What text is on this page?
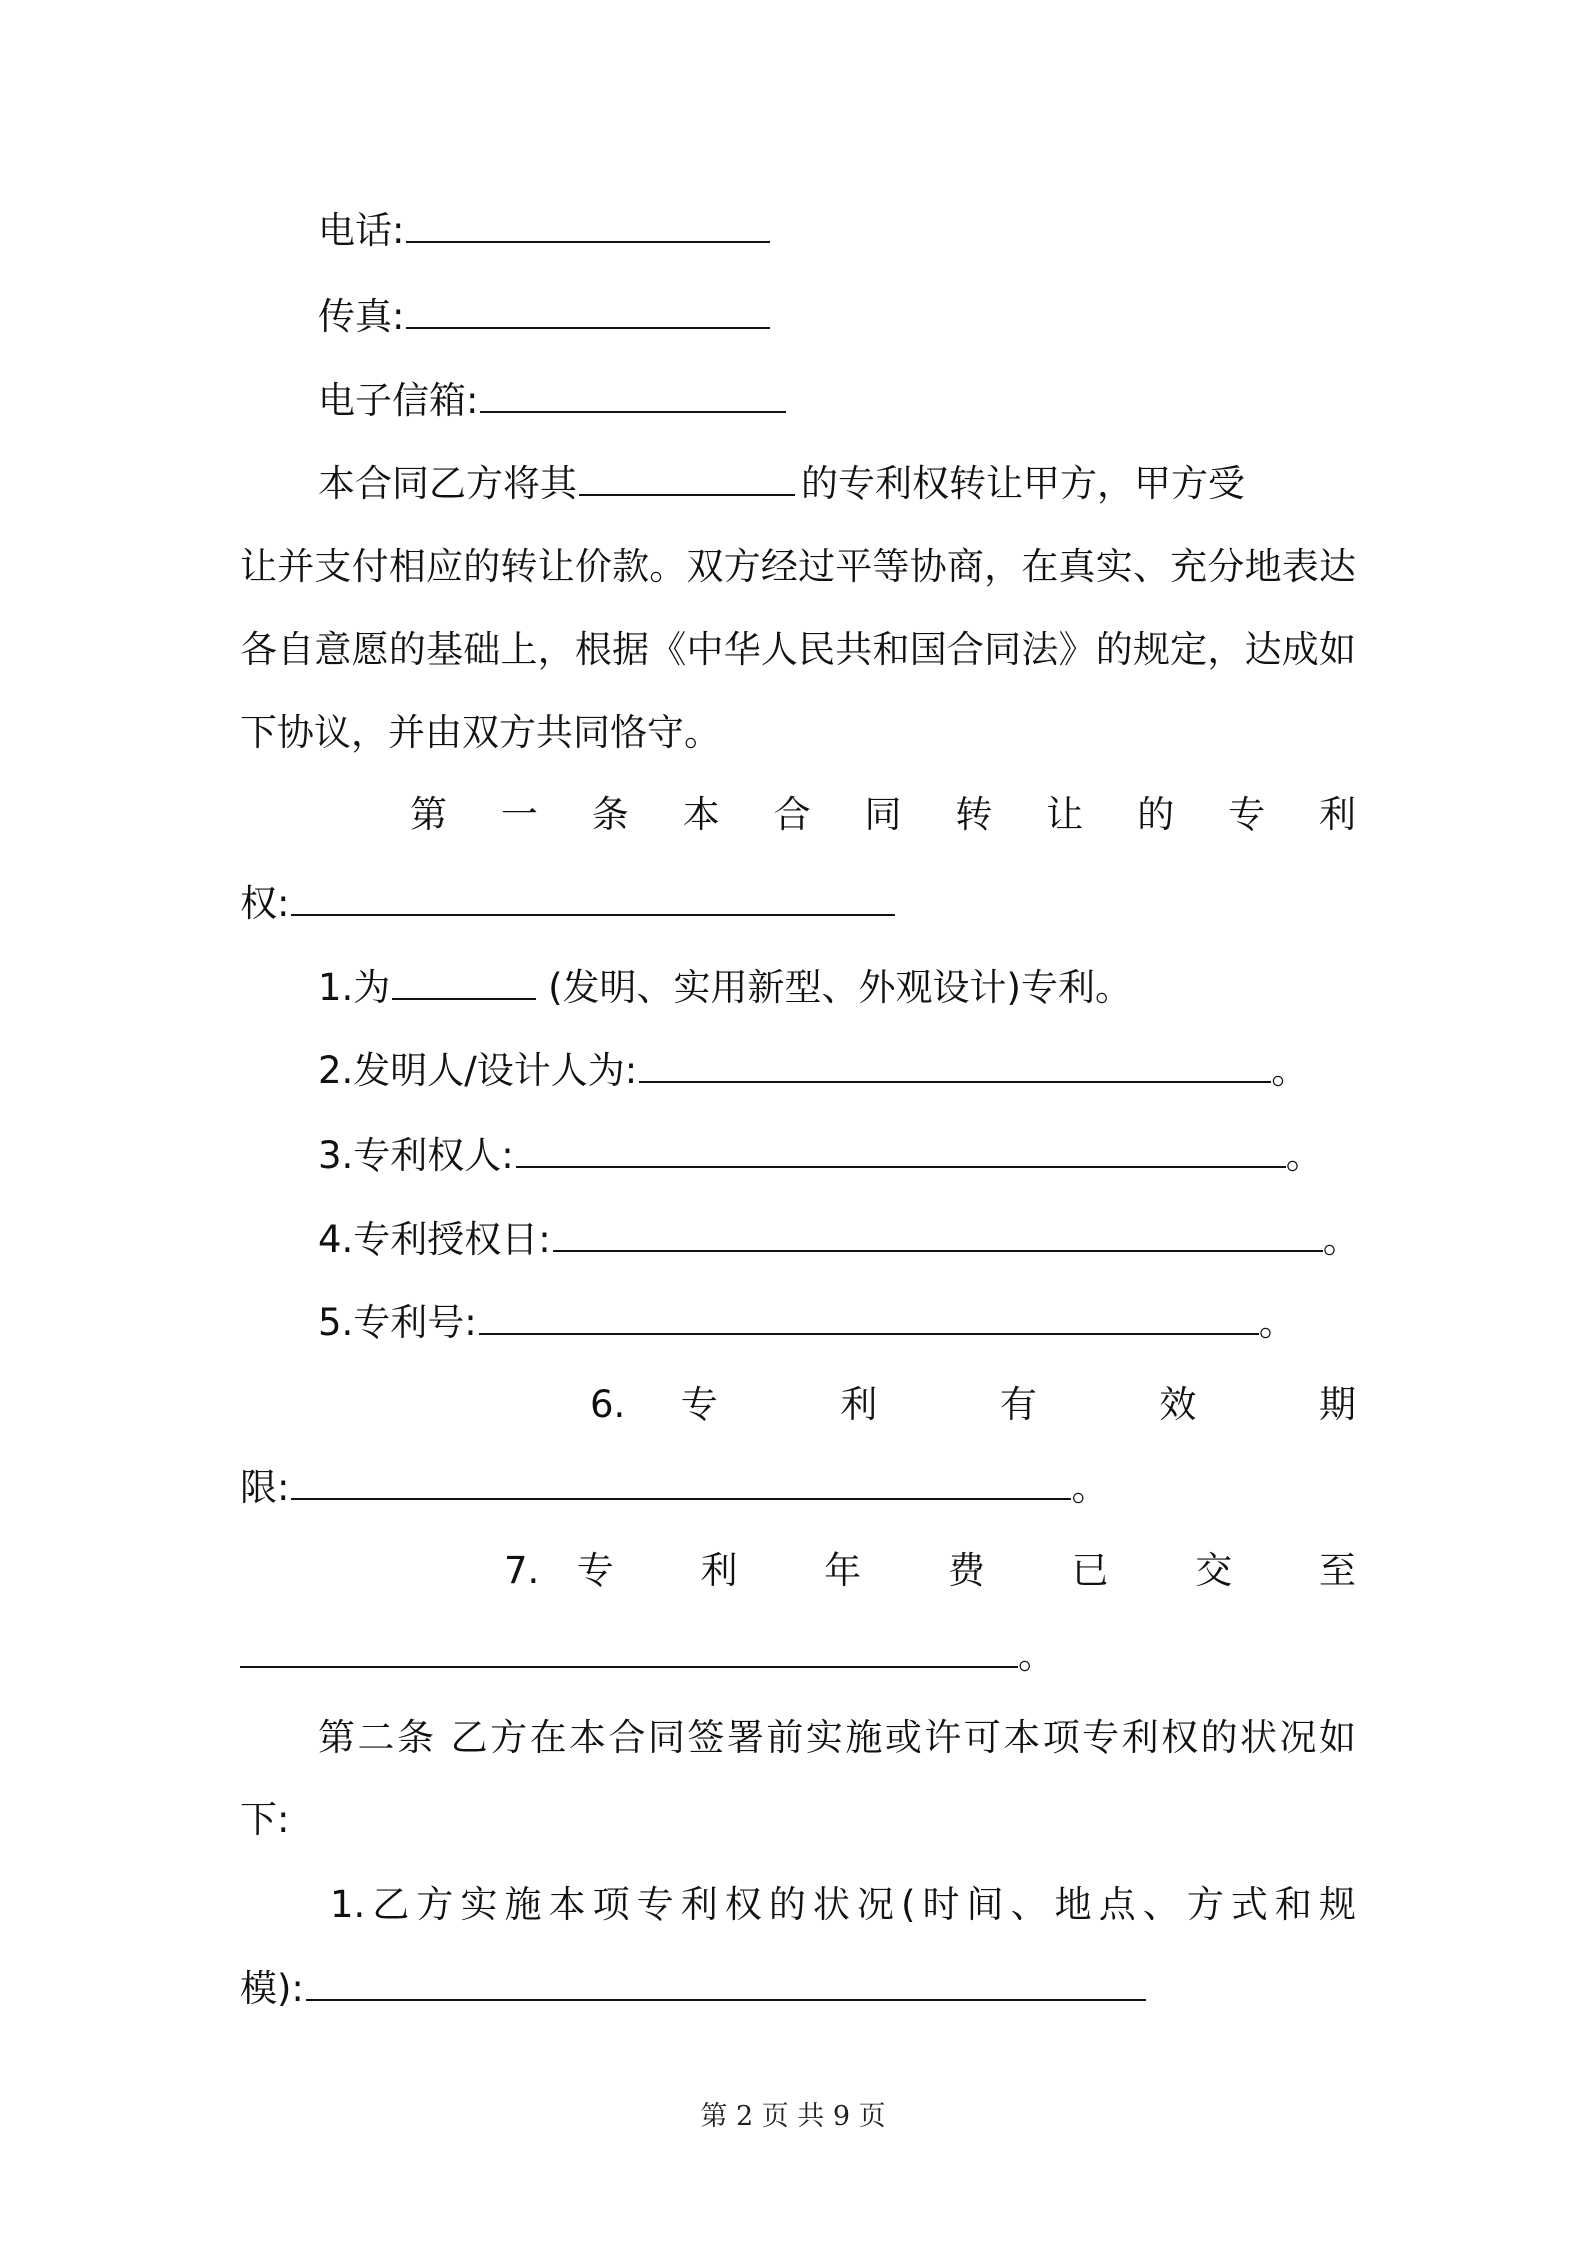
电话:
传真:
电子信箱:
本合同乙方将其	的专利权转让甲方，甲方受
让并支付相应的转让价款。双方经过平等协商，在真实、充分地表达
各自意愿的基础上，根据《中华人民共和国合同法》的规定，达成如
下协议，并由双方共同恪守。
第 一 条 本 合 同 转 让 的 专 利
权:
1.为	(发明、实用新型、外观设计)专利。
2.发明人/设计人为:	。
3.专利权人:	。
4.专利授权日:	。
5.专利号:	。
6.专 利 有 效 期
限:	。
7.专 利 年 费 已 交 至
。
第二条 乙方在本合同签署前实施或许可本项专利权的状况如
下:
1.乙方实施本项专利权的状况(时间、地点、方式和规
模):
第 2 页 共 9 页
